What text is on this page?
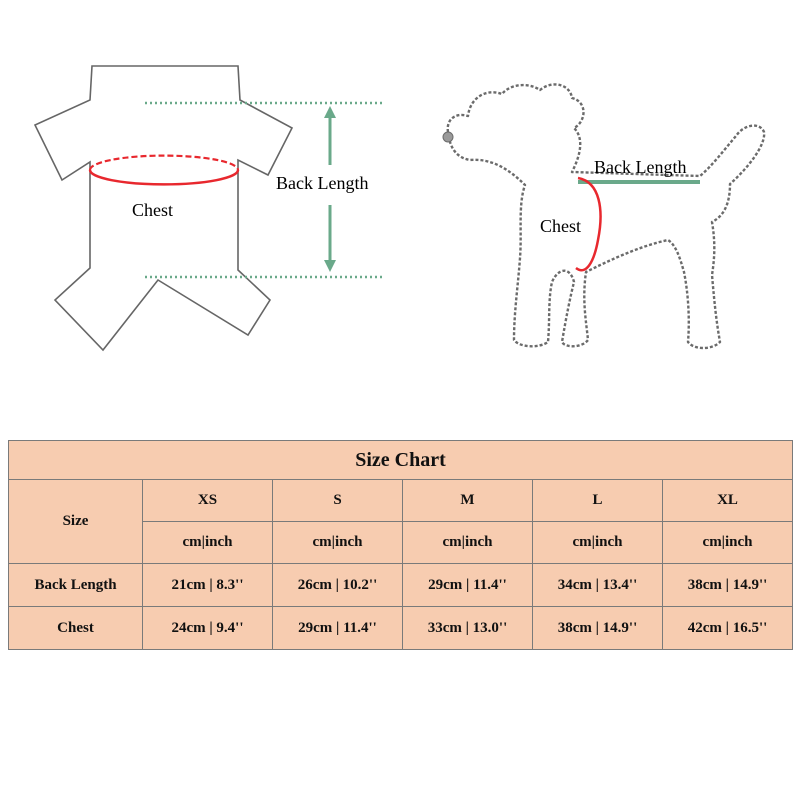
Chest
Back Length
Back Length
Chest
Size Chart					
Size	XS	S	M	L	XL
	cm|inch	cm|inch	cm|inch	cm|inch	cm|inch
Back Length	21cm | 8.3''	26cm | 10.2''	29cm | 11.4''	34cm | 13.4''	38cm | 14.9''
Chest	24cm | 9.4''	29cm | 11.4''	33cm | 13.0''	38cm | 14.9''	42cm | 16.5''
